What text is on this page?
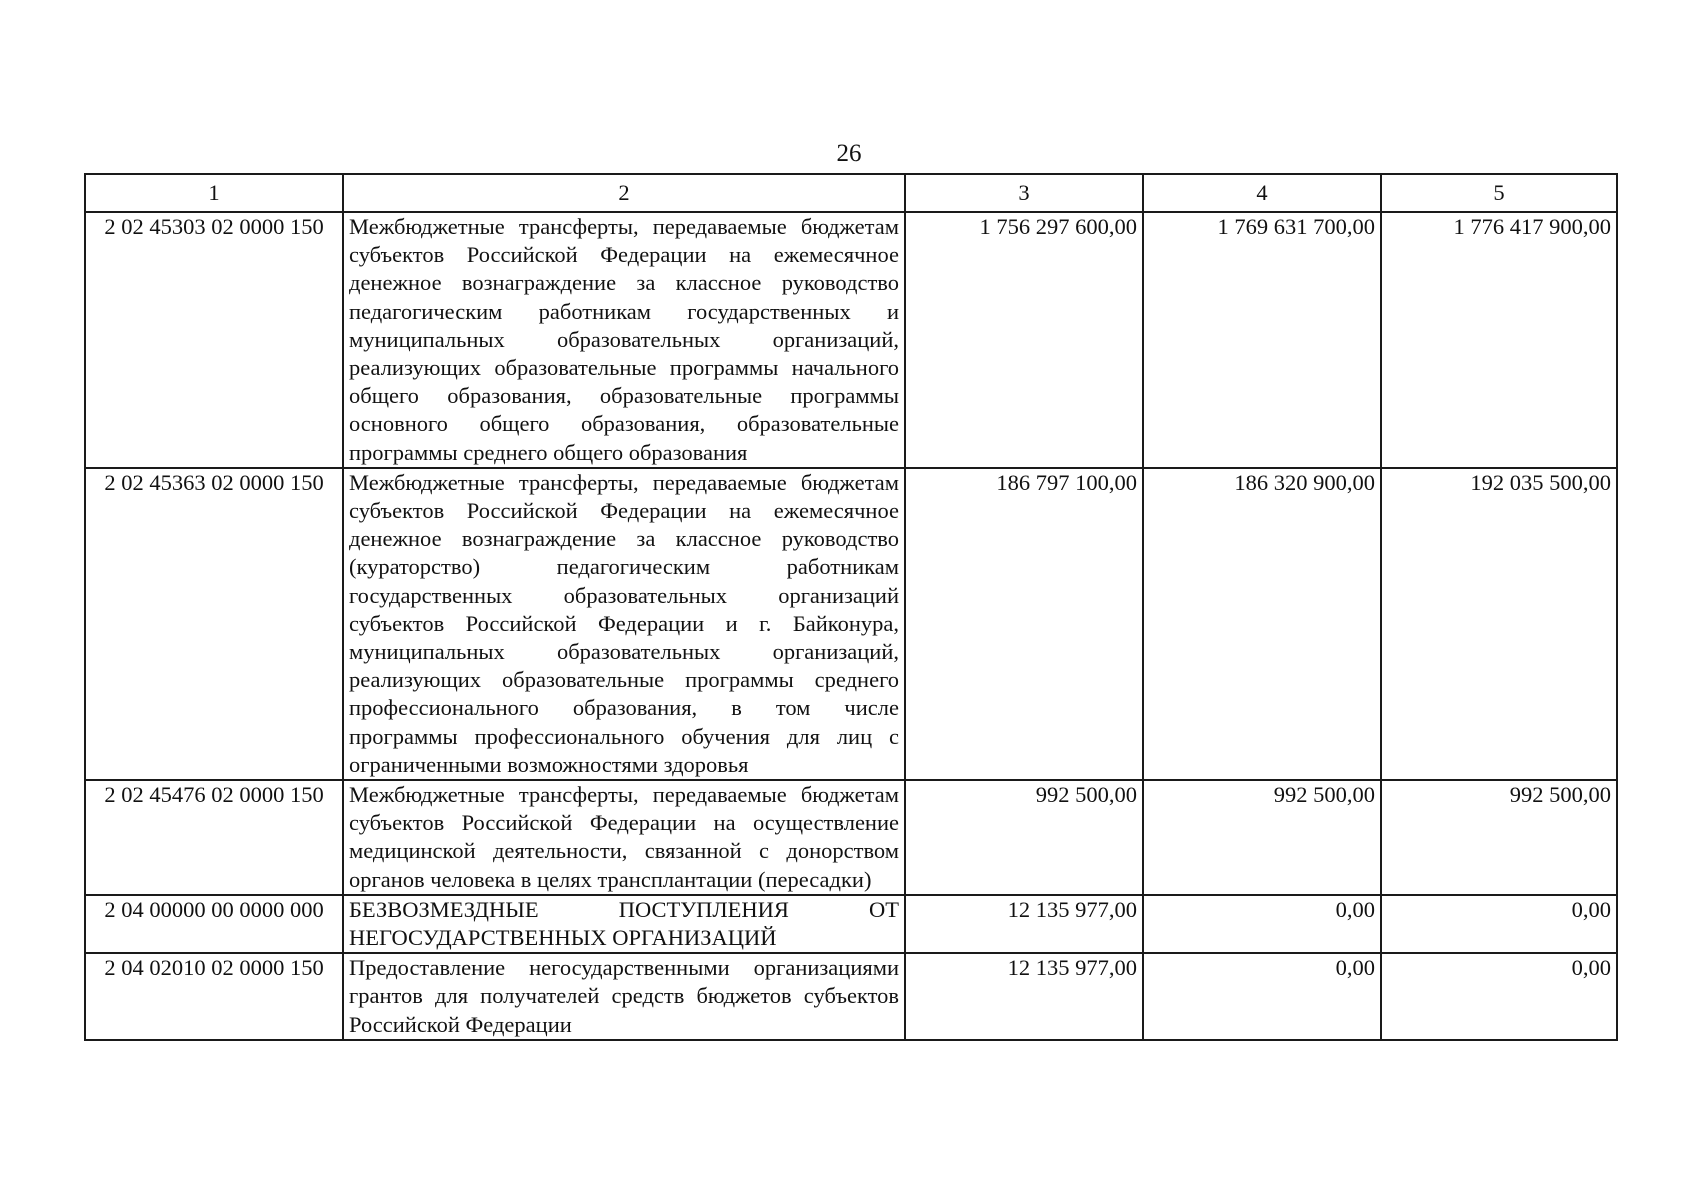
26
1	2	3	4	5
2 02 45303 02 0000 150	Межбюджетные трансферты, передаваемые бюджетам субъектов Российской Федерации на ежемесячное денежное вознаграждение за классное руководство педагогическим работникам государственных и муниципальных образовательных организаций, реализующих образовательные программы начального общего образования, образовательные программы основного общего образования, образовательные программы среднего общего образования	1 756 297 600,00	1 769 631 700,00	1 776 417 900,00
2 02 45363 02 0000 150	Межбюджетные трансферты, передаваемые бюджетам субъектов Российской Федерации на ежемесячное денежное вознаграждение за классное руководство (кураторство) педагогическим работникам государственных образовательных организаций субъектов Российской Федерации и г. Байконура, муниципальных образовательных организаций, реализующих образовательные программы среднего профессионального образования, в том числе программы профессионального обучения для лиц с ограниченными возможностями здоровья	186 797 100,00	186 320 900,00	192 035 500,00
2 02 45476 02 0000 150	Межбюджетные трансферты, передаваемые бюджетам субъектов Российской Федерации на осуществление медицинской деятельности, связанной с донорством органов человека в целях трансплантации (пересадки)	992 500,00	992 500,00	992 500,00
2 04 00000 00 0000 000	БЕЗВОЗМЕЗДНЫЕ ПОСТУПЛЕНИЯ ОТ НЕГОСУДАРСТВЕННЫХ ОРГАНИЗАЦИЙ	12 135 977,00	0,00	0,00
2 04 02010 02 0000 150	Предоставление негосударственными организациями грантов для получателей средств бюджетов субъектов Российской Федерации	12 135 977,00	0,00	0,00
